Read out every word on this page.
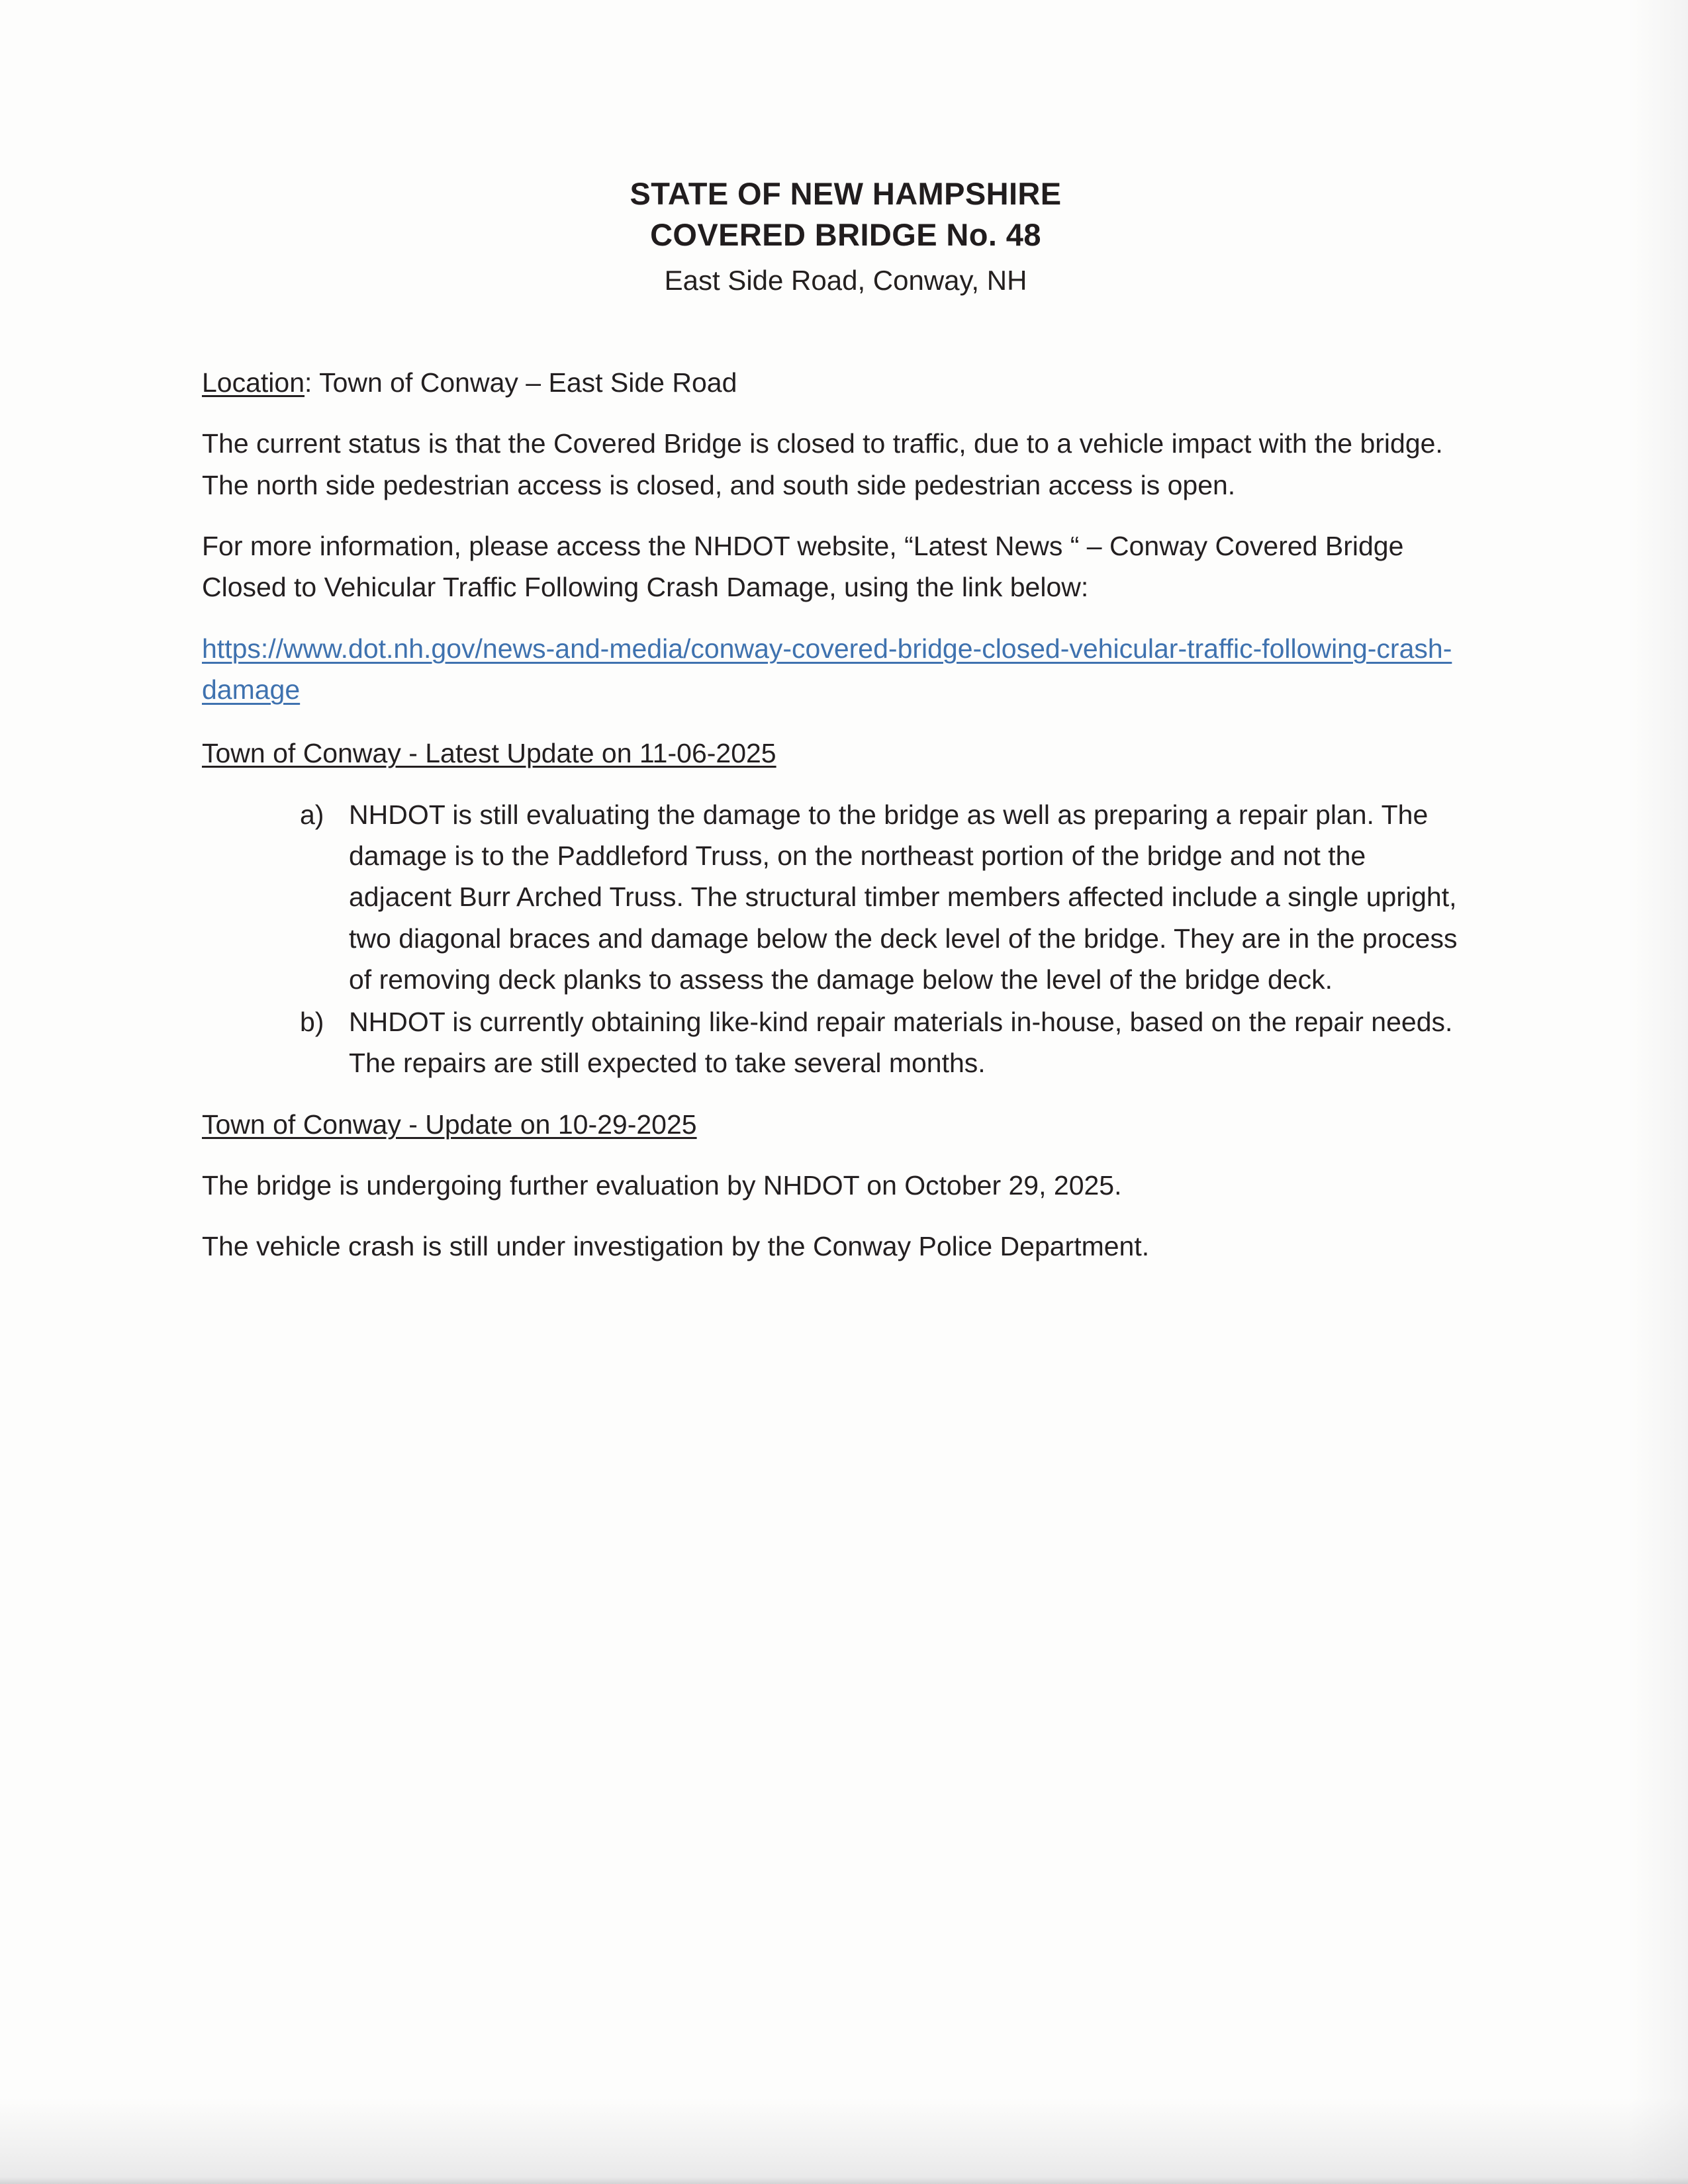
STATE OF NEW HAMPSHIRE
COVERED BRIDGE No. 48
East Side Road, Conway, NH

Location: Town of Conway – East Side Road

The current status is that the Covered Bridge is closed to traffic, due to a vehicle impact with the bridge. The north side pedestrian access is closed, and south side pedestrian access is open.

For more information, please access the NHDOT website, “Latest News “ – Conway Covered Bridge Closed to Vehicular Traffic Following Crash Damage, using the link below:

https://www.dot.nh.gov/news-and-media/conway-covered-bridge-closed-vehicular-traffic-following-crash-damage
Town of Conway - Latest Update on 11-06-2025
a) NHDOT is still evaluating the damage to the bridge as well as preparing a repair plan. The damage is to the Paddleford Truss, on the northeast portion of the bridge and not the adjacent Burr Arched Truss. The structural timber members affected include a single upright, two diagonal braces and damage below the deck level of the bridge. They are in the process of removing deck planks to assess the damage below the level of the bridge deck.
b) NHDOT is currently obtaining like-kind repair materials in-house, based on the repair needs. The repairs are still expected to take several months.
Town of Conway - Update on 10-29-2025

The bridge is undergoing further evaluation by NHDOT on October 29, 2025.

The vehicle crash is still under investigation by the Conway Police Department.
